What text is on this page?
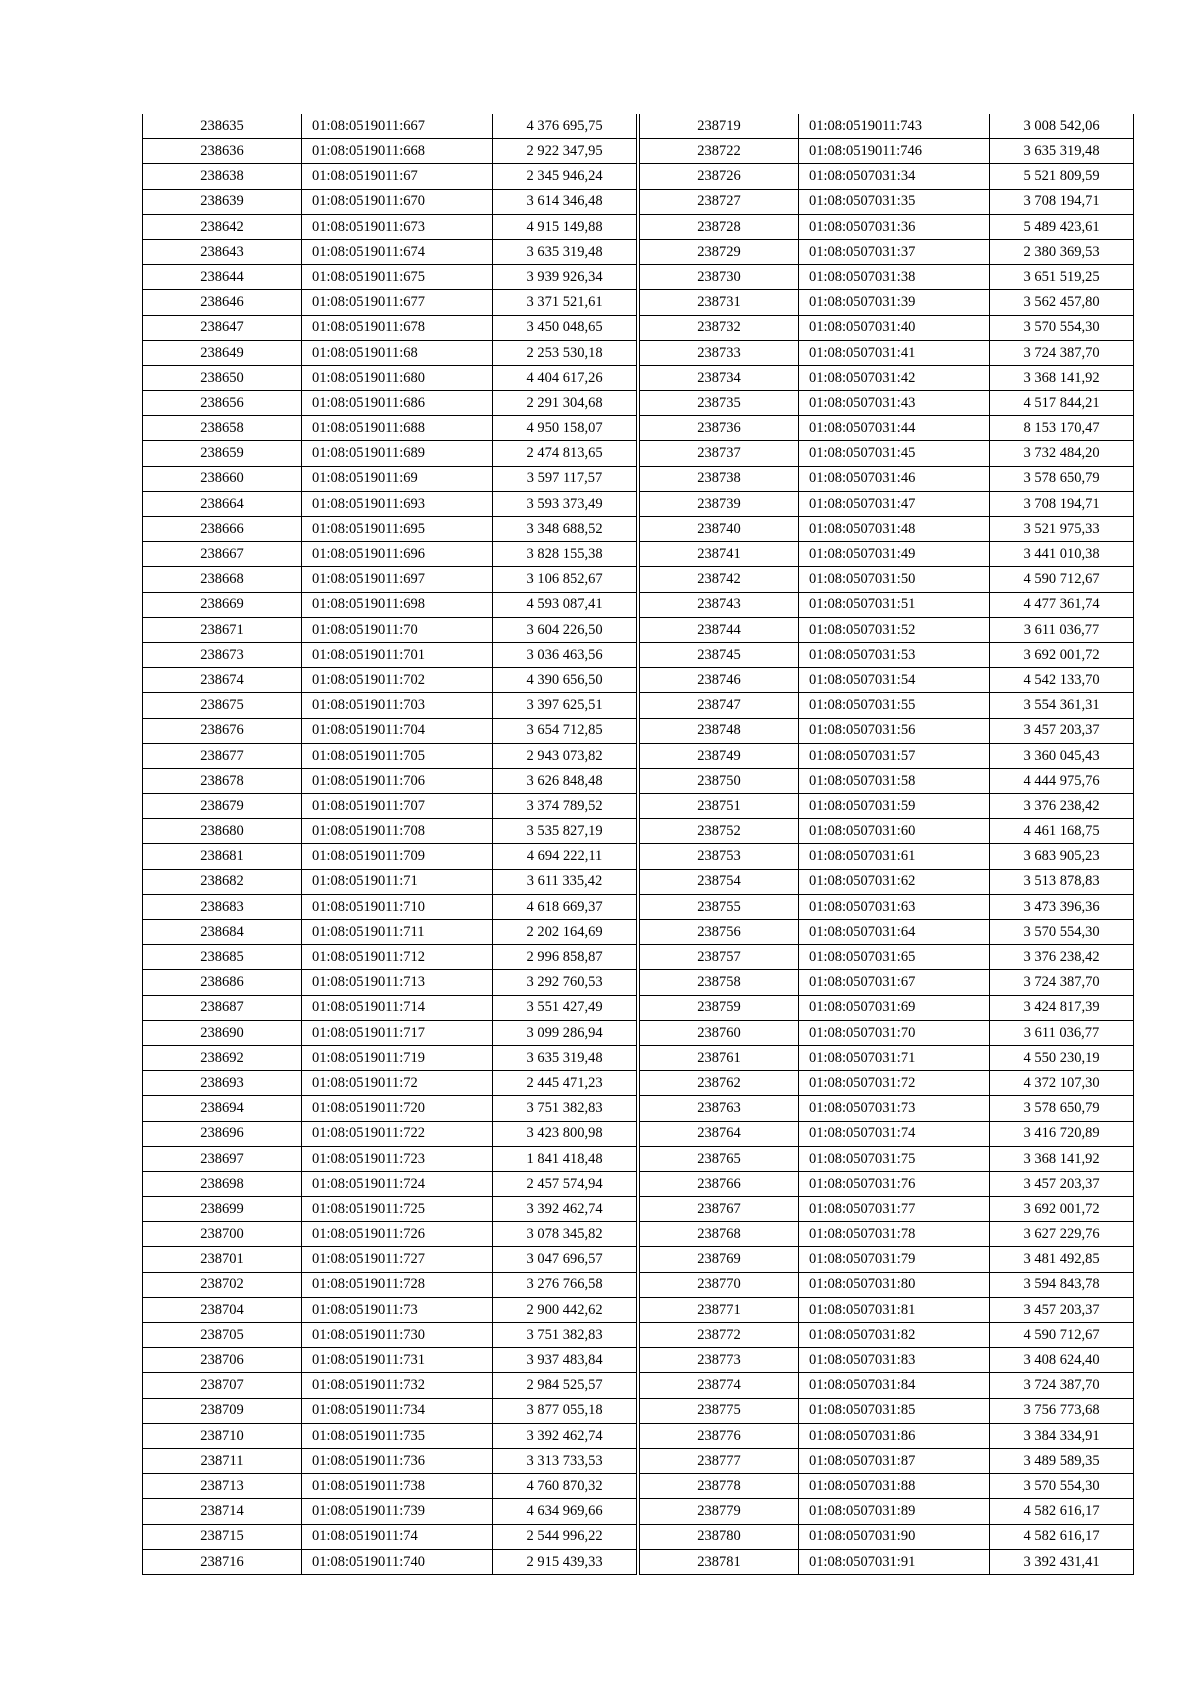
238635	01:08:0519011:667	4 376 695,75
238636	01:08:0519011:668	2 922 347,95
238638	01:08:0519011:67	2 345 946,24
238639	01:08:0519011:670	3 614 346,48
238642	01:08:0519011:673	4 915 149,88
238643	01:08:0519011:674	3 635 319,48
238644	01:08:0519011:675	3 939 926,34
238646	01:08:0519011:677	3 371 521,61
238647	01:08:0519011:678	3 450 048,65
238649	01:08:0519011:68	2 253 530,18
238650	01:08:0519011:680	4 404 617,26
238656	01:08:0519011:686	2 291 304,68
238658	01:08:0519011:688	4 950 158,07
238659	01:08:0519011:689	2 474 813,65
238660	01:08:0519011:69	3 597 117,57
238664	01:08:0519011:693	3 593 373,49
238666	01:08:0519011:695	3 348 688,52
238667	01:08:0519011:696	3 828 155,38
238668	01:08:0519011:697	3 106 852,67
238669	01:08:0519011:698	4 593 087,41
238671	01:08:0519011:70	3 604 226,50
238673	01:08:0519011:701	3 036 463,56
238674	01:08:0519011:702	4 390 656,50
238675	01:08:0519011:703	3 397 625,51
238676	01:08:0519011:704	3 654 712,85
238677	01:08:0519011:705	2 943 073,82
238678	01:08:0519011:706	3 626 848,48
238679	01:08:0519011:707	3 374 789,52
238680	01:08:0519011:708	3 535 827,19
238681	01:08:0519011:709	4 694 222,11
238682	01:08:0519011:71	3 611 335,42
238683	01:08:0519011:710	4 618 669,37
238684	01:08:0519011:711	2 202 164,69
238685	01:08:0519011:712	2 996 858,87
238686	01:08:0519011:713	3 292 760,53
238687	01:08:0519011:714	3 551 427,49
238690	01:08:0519011:717	3 099 286,94
238692	01:08:0519011:719	3 635 319,48
238693	01:08:0519011:72	2 445 471,23
238694	01:08:0519011:720	3 751 382,83
238696	01:08:0519011:722	3 423 800,98
238697	01:08:0519011:723	1 841 418,48
238698	01:08:0519011:724	2 457 574,94
238699	01:08:0519011:725	3 392 462,74
238700	01:08:0519011:726	3 078 345,82
238701	01:08:0519011:727	3 047 696,57
238702	01:08:0519011:728	3 276 766,58
238704	01:08:0519011:73	2 900 442,62
238705	01:08:0519011:730	3 751 382,83
238706	01:08:0519011:731	3 937 483,84
238707	01:08:0519011:732	2 984 525,57
238709	01:08:0519011:734	3 877 055,18
238710	01:08:0519011:735	3 392 462,74
238711	01:08:0519011:736	3 313 733,53
238713	01:08:0519011:738	4 760 870,32
238714	01:08:0519011:739	4 634 969,66
238715	01:08:0519011:74	2 544 996,22
238716	01:08:0519011:740	2 915 439,33
238719	01:08:0519011:743	3 008 542,06
238722	01:08:0519011:746	3 635 319,48
238726	01:08:0507031:34	5 521 809,59
238727	01:08:0507031:35	3 708 194,71
238728	01:08:0507031:36	5 489 423,61
238729	01:08:0507031:37	2 380 369,53
238730	01:08:0507031:38	3 651 519,25
238731	01:08:0507031:39	3 562 457,80
238732	01:08:0507031:40	3 570 554,30
238733	01:08:0507031:41	3 724 387,70
238734	01:08:0507031:42	3 368 141,92
238735	01:08:0507031:43	4 517 844,21
238736	01:08:0507031:44	8 153 170,47
238737	01:08:0507031:45	3 732 484,20
238738	01:08:0507031:46	3 578 650,79
238739	01:08:0507031:47	3 708 194,71
238740	01:08:0507031:48	3 521 975,33
238741	01:08:0507031:49	3 441 010,38
238742	01:08:0507031:50	4 590 712,67
238743	01:08:0507031:51	4 477 361,74
238744	01:08:0507031:52	3 611 036,77
238745	01:08:0507031:53	3 692 001,72
238746	01:08:0507031:54	4 542 133,70
238747	01:08:0507031:55	3 554 361,31
238748	01:08:0507031:56	3 457 203,37
238749	01:08:0507031:57	3 360 045,43
238750	01:08:0507031:58	4 444 975,76
238751	01:08:0507031:59	3 376 238,42
238752	01:08:0507031:60	4 461 168,75
238753	01:08:0507031:61	3 683 905,23
238754	01:08:0507031:62	3 513 878,83
238755	01:08:0507031:63	3 473 396,36
238756	01:08:0507031:64	3 570 554,30
238757	01:08:0507031:65	3 376 238,42
238758	01:08:0507031:67	3 724 387,70
238759	01:08:0507031:69	3 424 817,39
238760	01:08:0507031:70	3 611 036,77
238761	01:08:0507031:71	4 550 230,19
238762	01:08:0507031:72	4 372 107,30
238763	01:08:0507031:73	3 578 650,79
238764	01:08:0507031:74	3 416 720,89
238765	01:08:0507031:75	3 368 141,92
238766	01:08:0507031:76	3 457 203,37
238767	01:08:0507031:77	3 692 001,72
238768	01:08:0507031:78	3 627 229,76
238769	01:08:0507031:79	3 481 492,85
238770	01:08:0507031:80	3 594 843,78
238771	01:08:0507031:81	3 457 203,37
238772	01:08:0507031:82	4 590 712,67
238773	01:08:0507031:83	3 408 624,40
238774	01:08:0507031:84	3 724 387,70
238775	01:08:0507031:85	3 756 773,68
238776	01:08:0507031:86	3 384 334,91
238777	01:08:0507031:87	3 489 589,35
238778	01:08:0507031:88	3 570 554,30
238779	01:08:0507031:89	4 582 616,17
238780	01:08:0507031:90	4 582 616,17
238781	01:08:0507031:91	3 392 431,41
